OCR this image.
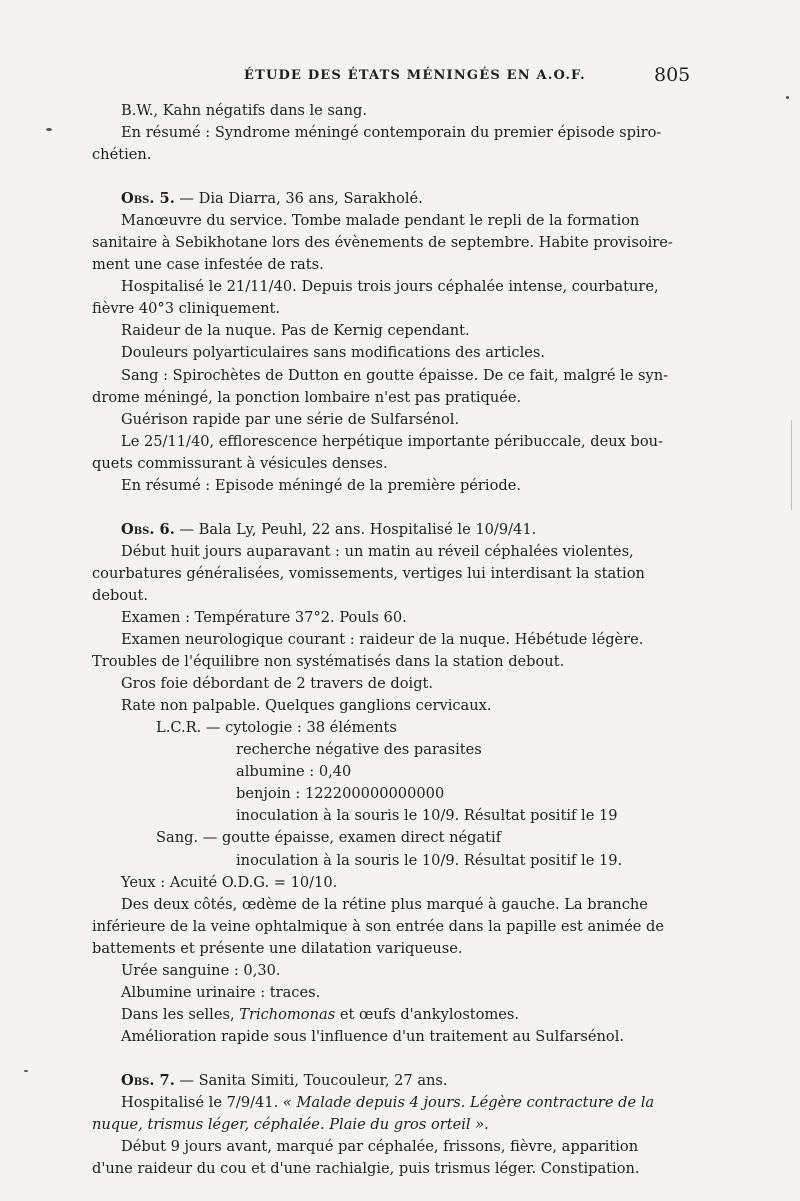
ÉTUDE DES ÉTATS MÉNINGÉS EN A.O.F.	805
B.W., Kahn négatifs dans le sang.
En résumé : Syndrome méningé contemporain du premier épisode spiro-
chétien.
Obs. 5. — Dia Diarra, 36 ans, Sarakholé.
Manœuvre du service. Tombe malade pendant le repli de la formation
sanitaire à Sebikhotane lors des évènements de septembre. Habite provisoire-
ment une case infestée de rats.
Hospitalisé le 21/11/40. Depuis trois jours céphalée intense, courbature,
fièvre 40°3 cliniquement.
Raideur de la nuque. Pas de Kernig cependant.
Douleurs polyarticulaires sans modifications des articles.
Sang : Spirochètes de Dutton en goutte épaisse. De ce fait, malgré le syn-
drome méningé, la ponction lombaire n'est pas pratiquée.
Guérison rapide par une série de Sulfarsénol.
Le 25/11/40, efflorescence herpétique importante péribuccale, deux bou-
quets commissurant à vésicules denses.
En résumé : Episode méningé de la première période.
Obs. 6. — Bala Ly, Peuhl, 22 ans. Hospitalisé le 10/9/41.
Début huit jours auparavant : un matin au réveil céphalées violentes,
courbatures généralisées, vomissements, vertiges lui interdisant la station
debout.
Examen : Température 37°2. Pouls 60.
Examen neurologique courant : raideur de la nuque. Hébétude légère.
Troubles de l'équilibre non systématisés dans la station debout.
Gros foie débordant de 2 travers de doigt.
Rate non palpable. Quelques ganglions cervicaux.
L.C.R. — cytologie : 38 éléments
recherche négative des parasites
albumine : 0,40
benjoin : 122200000000000
inoculation à la souris le 10/9. Résultat positif le 19
Sang. — goutte épaisse, examen direct négatif
inoculation à la souris le 10/9. Résultat positif le 19.
Yeux : Acuité O.D.G. = 10/10.
Des deux côtés, œdème de la rétine plus marqué à gauche. La branche
inférieure de la veine ophtalmique à son entrée dans la papille est animée de
battements et présente une dilatation variqueuse.
Urée sanguine : 0,30.
Albumine urinaire : traces.
Dans les selles, Trichomonas et œufs d'ankylostomes.
Amélioration rapide sous l'influence d'un traitement au Sulfarsénol.
Obs. 7. — Sanita Simiti, Toucouleur, 27 ans.
Hospitalisé le 7/9/41. « Malade depuis 4 jours. Légère contracture de la
nuque, trismus léger, céphalée. Plaie du gros orteil ».
Début 9 jours avant, marqué par céphalée, frissons, fièvre, apparition
d'une raideur du cou et d'une rachialgie, puis trismus léger. Constipation.
